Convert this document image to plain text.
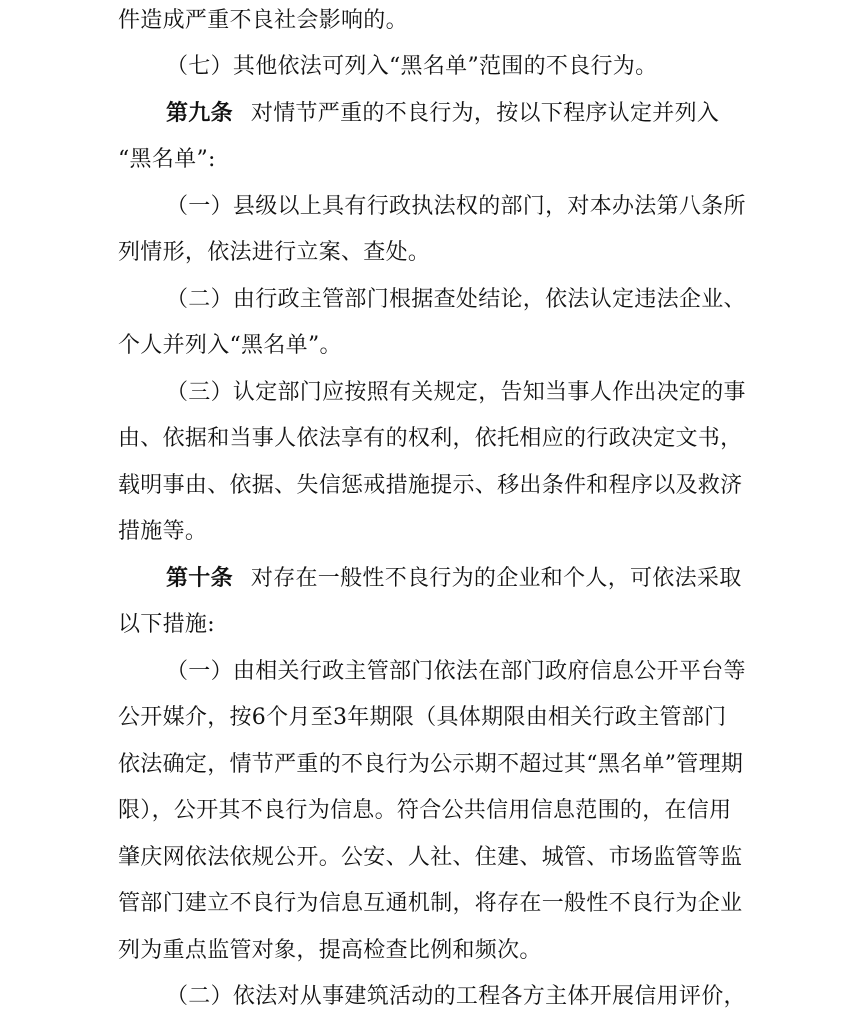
件造成严重不良社会影响的。
（七）其他依法可列入“黑名单”范围的不良行为。
第九条 对情节严重的不良行为，按以下程序认定并列入
“黑名单”:
（一）县级以上具有行政执法权的部门，对本办法第八条所
列情形，依法进行立案、查处。
（二）由行政主管部门根据查处结论，依法认定违法企业、
个人并列入“黑名单”。
（三）认定部门应按照有关规定，告知当事人作出决定的事
由、依据和当事人依法享有的权利，依托相应的行政决定文书，
载明事由、依据、失信惩戒措施提示、移出条件和程序以及救济
措施等。
第十条 对存在一般性不良行为的企业和个人，可依法采取
以下措施:
（一）由相关行政主管部门依法在部门政府信息公开平台等
公开媒介，按6个月至3年期限（具体期限由相关行政主管部门
依法确定，情节严重的不良行为公示期不超过其“黑名单”管理期
限），公开其不良行为信息。符合公共信用信息范围的，在信用
肇庆网依法依规公开。公安、人社、住建、城管、市场监管等监
管部门建立不良行为信息互通机制，将存在一般性不良行为企业
列为重点监管对象，提高检查比例和频次。
（二）依法对从事建筑活动的工程各方主体开展信用评价，
